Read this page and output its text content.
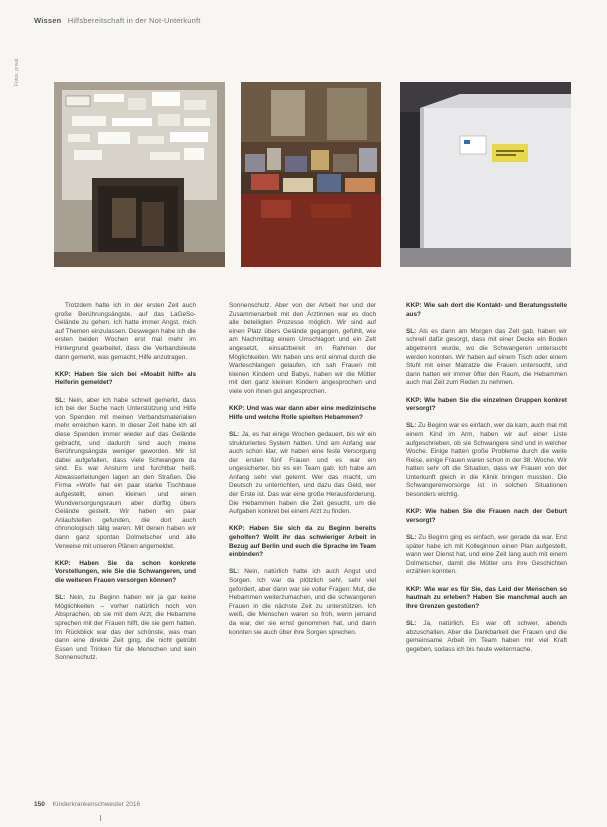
Wissen Hilfsbereitschaft in der Not-Unterkunft
Fotos: privat

Trotzdem hatte ich in der ersten Zeit auch große Berührungsängste, auf das LaGeSo-Gelände zu gehen. Ich hatte immer Angst, mich auf Themen einzulassen. Deswegen habe ich die ersten beiden Wochen erst mal mehr im Hintergrund gearbeitet, dass die Verbandsleute dann gemerkt, was gemacht, Hilfe anzutragen.

KKP: Haben Sie sich bei »Moabit hilft« als Helferin gemeldet?

SL: Nein, aber ich habe schnell gemerkt, dass ich bei der Suche nach Unterstützung und Hilfe von Spenden mit meinen Verbandsmaterialien mehr erreichen kann. In dieser Zeit habe ich all diese Spenden immer wieder auf das Gelände gebracht, und dadurch sind auch meine Berührungsängste weniger geworden. Mir ist dabei aufgefallen, dass viele Schwangere da sind. Es war Ansturm und furchtbar heiß. Abwasserleitungen lagen an den Straßen. Die Firma »Wolf« hat ein paar starke Tischbaue aufgestellt, einen kleinen und einen Wundversorgungsraum aber dürftig übers Gelände gestellt. Wir haben ein paar Anlaufstellen gefunden, die dort auch chronologisch tätig waren. Mit denen haben wir dann ganz spontan Dolmetscher und alle Verweise mit unseren Plänen angemeldet.

KKP: Haben Sie da schon konkrete Vorstellungen, wie Sie die Schwangeren, und die weiteren Frauen versorgen können?

SL: Nein, zu Beginn haben wir ja gar keine Möglichkeiten – vorher natürlich noch von Absprachen, ob sie mit dem Arzt, die Hebamme sprechen mit der Frauen hilft, die sie gern hatten. Im Rückblick war das der schönste, was man dann eine direkte Zeit ging, die nicht getrübt Essen und Trinken für die Menschen und kein Sonnenschutz.

Sonnenschutz. Aber von der Arbeit her und der Zusammenarbeit mit den Ärztinnen war es doch alle beteiligten Prozesse möglich. Wir sind auf einen Platz übers Gelände gegangen, gefühlt, wie am Nachmittag einem Umschlagort und ein Zelt angesetzt, einsatzbereit im Rahmen der Möglichkeiten. Wir haben uns erst einmal durch die Warteschlangen gelaufen, ich sah Frauen mit kleinen Kindern und Babys, haben wir die Mütter mit den ganz kleinen Kindern angesprochen und viele von ihnen gut angesprochen.

KKP: Und was war dann aber eine medizinische Hilfe und welche Rolle spielten Hebammen?

SL: Ja, es hat einige Wochen gedauert, bis wir ein strukturiertes System hatten. Und am Anfang war auch schon klar, wir haben eine feste Versorgung der ersten fünf Frauen und es war ein ungesicherter, bis es ein Team gab. Ich habe am Anfang sehr viel gelernt. Wer das macht, um Deutsch zu unterrichten, und dazu das Geld, wer der Erste ist. Das war eine große Herausforderung. Die Hebammen haben die Zeit gesucht, um die Aufgaben konkret bei einem Arzt zu finden.

KKP: Haben Sie sich da zu Beginn bereits geholfen? Wollt ihr das schwieriger Arbeit in Bezug auf Berlin und euch die Sprache im Team einbinden?

SL: Nein, natürlich hatte ich auch Angst und Sorgen. Ich war da plötzlich sehr, sehr viel gefordert, aber dann war sie voller Fragen: Mut, die Hebammen weiterzumachen, und die schwangeren Frauen in die nächste Zeit zu unterstützen. Ich weiß, die Menschen waren so froh, wenn jemand da war, der sie ernst genommen hat, und dann konnten sie auch über ihre Sorgen sprechen.

KKP: Wie sah dort die Kontakt- und Beratungsstelle aus?

SL: Als es dann am Morgen das Zelt gab, haben wir schnell dafür gesorgt, dass mit einer Decke ein Boden abgetrennt wurde, wo die Schwangeren untersucht werden konnten. Wir haben auf einem Tisch oder einem Stuhl mit einer Matratze die Frauen untersucht, und dann hatten wir immer öfter den Raum, die Hebammen auch mal Zeit zum Reden zu nehmen.

KKP: Wie haben Sie die einzelnen Gruppen konkret versorgt?

SL: Zu Beginn war es einfach, wer da kam, auch mal mit einem Kind im Arm, haben wir auf einer Liste aufgeschrieben, ob sie Schwangere sind und in welcher Woche. Einige hatten große Probleme durch die weite Reise, einige Frauen waren schon in der 38. Woche. Wir hatten sehr oft die Situation, dass wir Frauen von der Unterkunft gleich in die Klinik bringen mussten. Die Schwangerenvorsorge ist in solchen Situationen besonders wichtig.

KKP: Wie haben Sie die Frauen nach der Geburt versorgt?

SL: Zu Beginn ging es einfach, wer gerade da war. Erst später habe ich mit Kolleginnen einen Plan aufgestellt, wann wer Dienst hat, und eine Zeit lang auch mit einem Dolmetscher, damit die Mütter uns ihre Geschichten erzählen konnten.

KKP: Wie war es für Sie, das Leid der Menschen so hautnah zu erleben? Haben Sie manchmal auch an Ihre Grenzen gestoßen?

SL: Ja, natürlich. Es war oft schwer, abends abzuschalten. Aber die Dankbarkeit der Frauen und die gemeinsame Arbeit im Team haben mir viel Kraft gegeben, sodass ich bis heute weitermache.

150 Kinderkrankenschwester 2016
